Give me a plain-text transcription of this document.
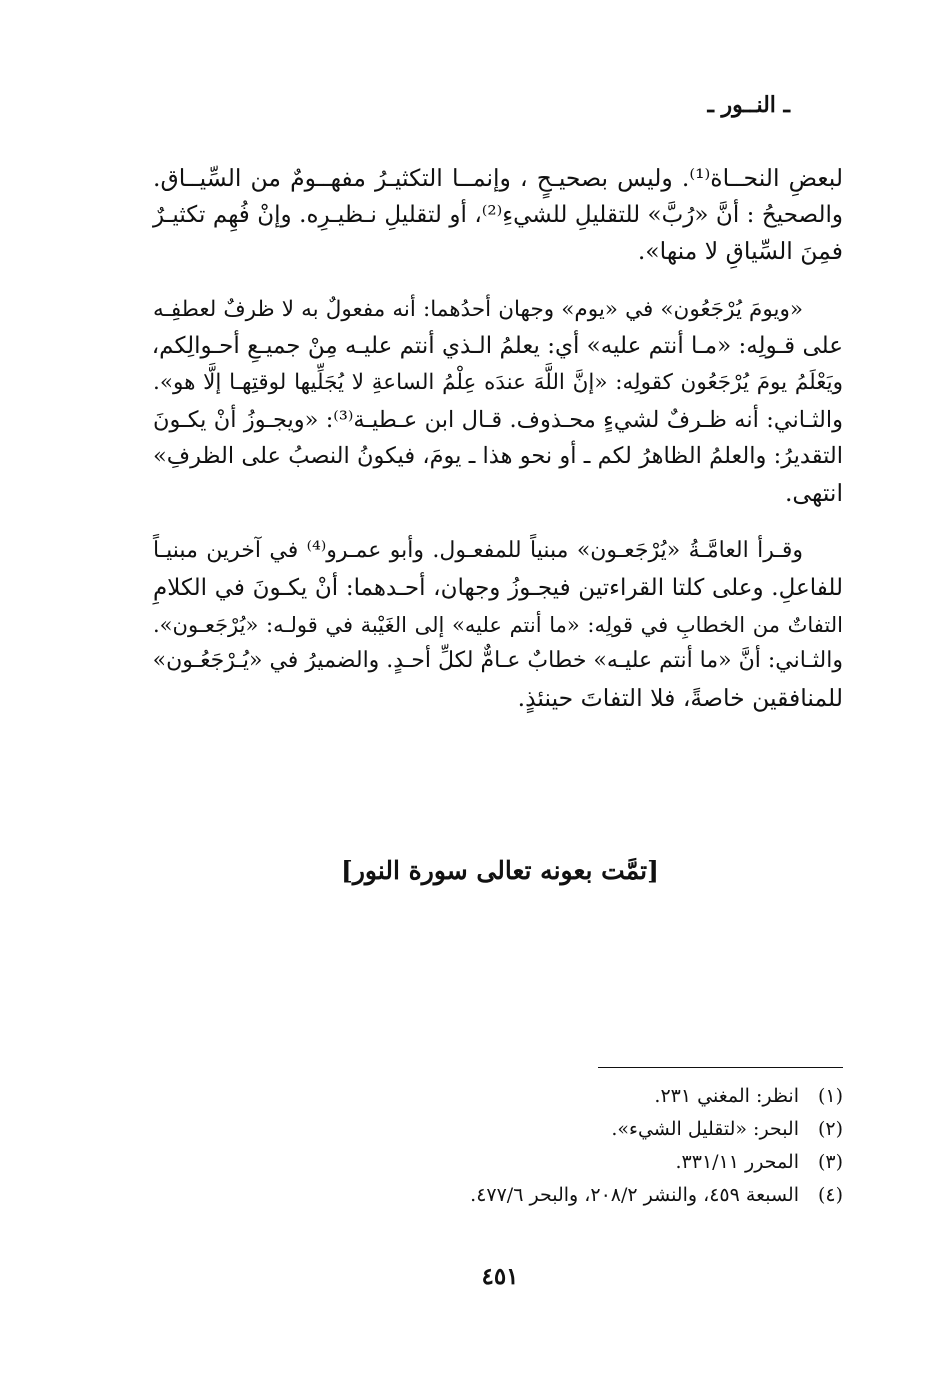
ـ النــور ـ
لبعضِ النحــاة⁽¹⁾. وليس بصحيـحٍ ، وإنمــا التكثيـرُ مفهــومٌ من السِّيــاق.
والصحيحُ : أنَّ «رُبَّ» للتقليلِ للشيءِ⁽²⁾، أو لتقليلِ نـظيـرِه. وإنْ فُهِم تكثيـرٌ
فمِنَ السِّياقِ لا منها».
«ويومَ يُرْجَعُون» في «يوم» وجهان أحدُهما: أنه مفعولٌ به لا ظرفٌ لعطفِـه
على قـولِه: «مـا أنتم عليه» أي: يعلمُ الـذي أنتم عليـه مِنْ جميـعِ أحـوالِكم،
ويَعْلَمُ يومَ يُرْجَعُون كقولِه: «إنَّ اللَّهَ عندَه عِلْمُ الساعةِ لا يُجَلِّيها لوقتِهـا إلَّا هو».
والثـاني: أنه ظـرفٌ لشيءٍ محـذوف. قـال ابن عـطيـة⁽³⁾: «ويجـوزُ أنْ يكـونَ
التقديرُ: والعلمُ الظاهرُ لكم ـ أو نحو هذا ـ يومَ، فيكونُ النصبُ على الظرفِ»
انتهى.
وقـرأ العامَّـةُ «يُرْجَعـون» مبنياً للمفعـول. وأبو عمـرو⁽⁴⁾ في آخرين مبنيـاً
للفاعلِ. وعلى كلتا القراءتين فيجـوزُ وجهان، أحـدهما: أنْ يكـونَ في الكلامِ
التفاتٌ من الخطابِ في قولِه: «ما أنتم عليه» إلى الغَيْبة في قولـه: «يُرْجَعـون».
والثـاني: أنَّ «ما أنتم عليـه» خطابٌ عـامٌّ لكلِّ أحـدٍ. والضميرُ في «يُـرْجَعُـون»
للمنافقين خاصةً، فلا التفاتَ حينئذٍ.
[تمَّت بعونه تعالى سورة النور]
(١)
انظر: المغني ٢٣١.
(٢)
البحر: «لتقليل الشيء».
(٣)
المحرر ٣٣١/١١.
(٤)
السبعة ٤٥٩، والنشر ٢٠٨/٢، والبحر ٤٧٧/٦.
٤٥١
